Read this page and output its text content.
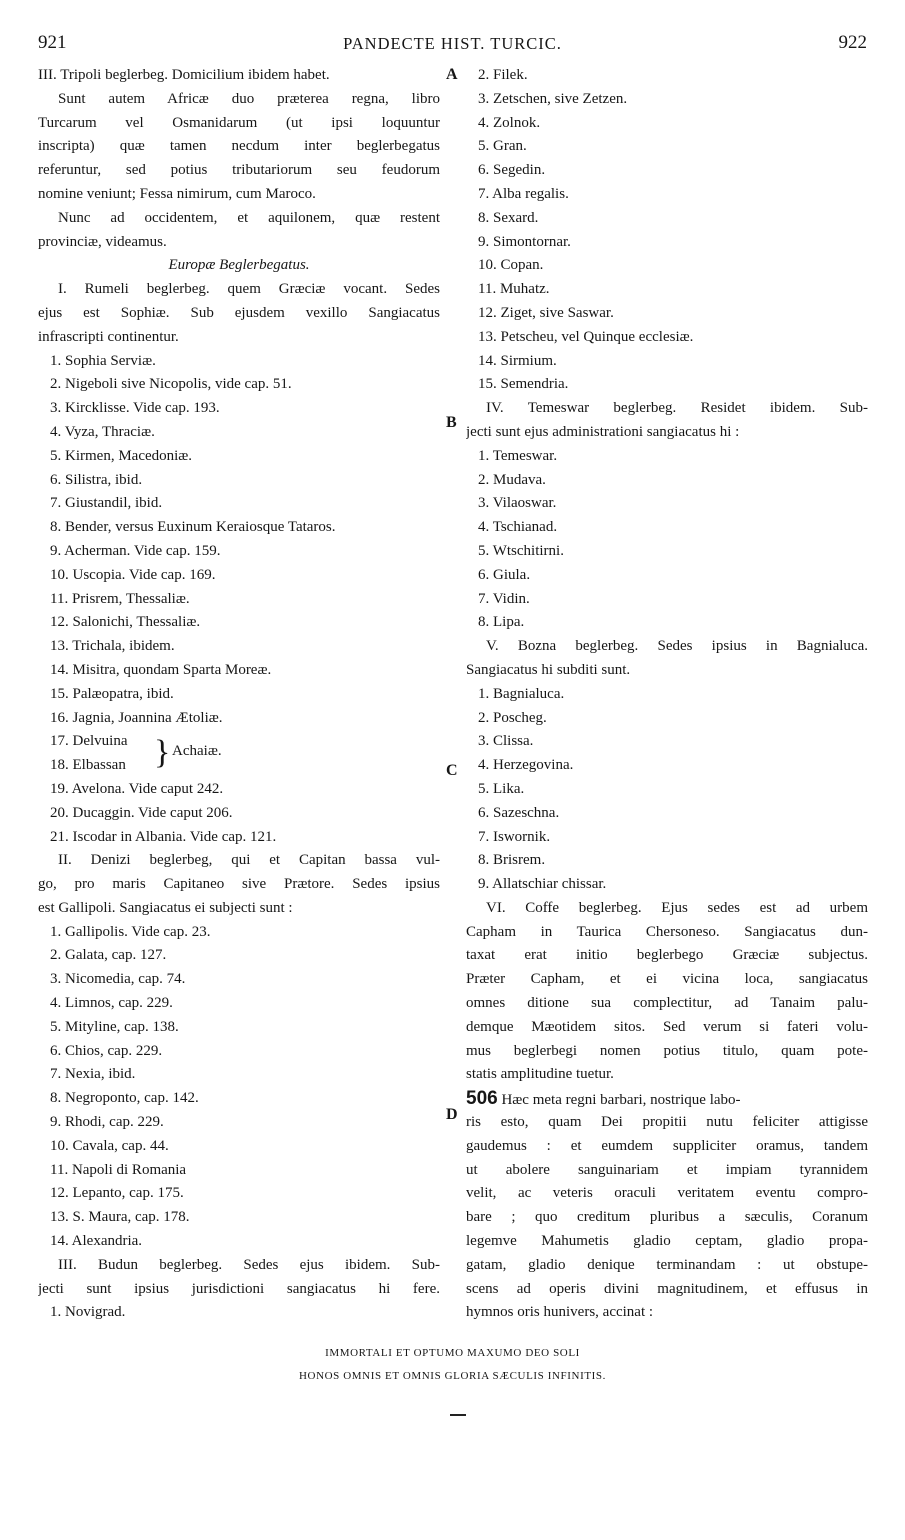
921	PANDECTE HIST. TURCIC.	922
III. Tripoli beglerbeg. Domicilium ibidem habet.
Sunt autem Africæ duo præterea regna, libro
Turcarum vel Osmanidarum (ut ipsi loquuntur
inscripta) quæ tamen necdum inter beglerbegatus
referuntur, sed potius tributariorum seu feudorum
nomine veniunt; Fessa nimirum, cum Maroco.
Nunc ad occidentem, et aquilonem, quæ restent
provinciæ, videamus.
Europæ Beglerbegatus.
I. Rumeli beglerbeg. quem Græciæ vocant. Sedes
ejus est Sophiæ. Sub ejusdem vexillo Sangiacatus
infrascripti continentur.
1. Sophia Serviæ.
2. Nigeboli sive Nicopolis, vide cap. 51.
3. Kircklisse. Vide cap. 193.
4. Vyza, Thraciæ.
5. Kirmen, Macedoniæ.
6. Silistra, ibid.
7. Giustandil, ibid.
8. Bender, versus Euxinum Keraiosque Tataros.
9. Acherman. Vide cap. 159.
10. Uscopia. Vide cap. 169.
11. Prisrem, Thessaliæ.
12. Salonichi, Thessaliæ.
13. Trichala, ibidem.
14. Misitra, quondam Sparta Moreæ.
15. Palæopatra, ibid.
16. Jagnia, Joannina Ætoliæ.
17. Delvuina
18. Elbassan } Achaiæ.
19. Avelona. Vide caput 242.
20. Ducaggin. Vide caput 206.
21. Iscodar in Albania. Vide cap. 121.
II. Denizi beglerbeg, qui et Capitan bassa vul-
go, pro maris Capitaneo sive Prætore. Sedes ipsius
est Gallipoli. Sangiacatus ei subjecti sunt :
1. Gallipolis. Vide cap. 23.
2. Galata, cap. 127.
3. Nicomedia, cap. 74.
4. Limnos, cap. 229.
5. Mityline, cap. 138.
6. Chios, cap. 229.
7. Nexia, ibid.
8. Negroponto, cap. 142.
9. Rhodi, cap. 229.
10. Cavala, cap. 44.
11. Napoli di Romania
12. Lepanto, cap. 175.
13. S. Maura, cap. 178.
14. Alexandria.
III. Budun beglerbeg. Sedes ejus ibidem. Sub-
jecti sunt ipsius jurisdictioni sangiacatus hi fere.
1. Novigrad.
A
B
C
D
2. Filek.
3. Zetschen, sive Zetzen.
4. Zolnok.
5. Gran.
6. Segedin.
7. Alba regalis.
8. Sexard.
9. Simontornar.
10. Copan.
11. Muhatz.
12. Ziget, sive Saswar.
13. Petscheu, vel Quinque ecclesiæ.
14. Sirmium.
15. Semendria.
IV. Temeswar beglerbeg. Residet ibidem. Sub-
jecti sunt ejus administrationi sangiacatus hi :
1. Temeswar.
2. Mudava.
3. Vilaoswar.
4. Tschianad.
5. Wtschitirni.
6. Giula.
7. Vidin.
8. Lipa.
V. Bozna beglerbeg. Sedes ipsius in Bagnialuca.
Sangiacatus hi subditi sunt.
1. Bagnialuca.
2. Poscheg.
3. Clissa.
4. Herzegovina.
5. Lika.
6. Sazeschna.
7. Iswornik.
8. Brisrem.
9. Allatschiar chissar.
VI. Coffe beglerbeg. Ejus sedes est ad urbem
Capham in Taurica Chersoneso. Sangiacatus dun-
taxat erat initio beglerbego Græciæ subjectus.
Præter Capham, et ei vicina loca, sangiacatus
omnes ditione sua complectitur, ad Tanaim palu-
demque Mæotidem sitos. Sed verum si fateri volu-
mus beglerbegi nomen potius titulo, quam pote-
statis amplitudine tuetur.
506 Hæc meta regni barbari, nostrique labo-
ris esto, quam Dei propitii nutu feliciter attigisse
gaudemus : et eumdem suppliciter oramus, tandem
ut abolere sanguinariam et impiam tyrannidem
velit, ac veteris oraculi veritatem eventu compro-
bare ; quo creditum pluribus a sæculis, Coranum
legemve Mahumetis gladio ceptam, gladio propa-
gatam, gladio denique terminandam : ut obstupe-
scens ad operis divini magnitudinem, et effusus in
hymnos oris hunivers, accinat :
IMMORTALI ET OPTUMO MAXUMO DEO SOLI
HONOS OMNIS ET OMNIS GLORIA SÆCULIS INFINITIS.
